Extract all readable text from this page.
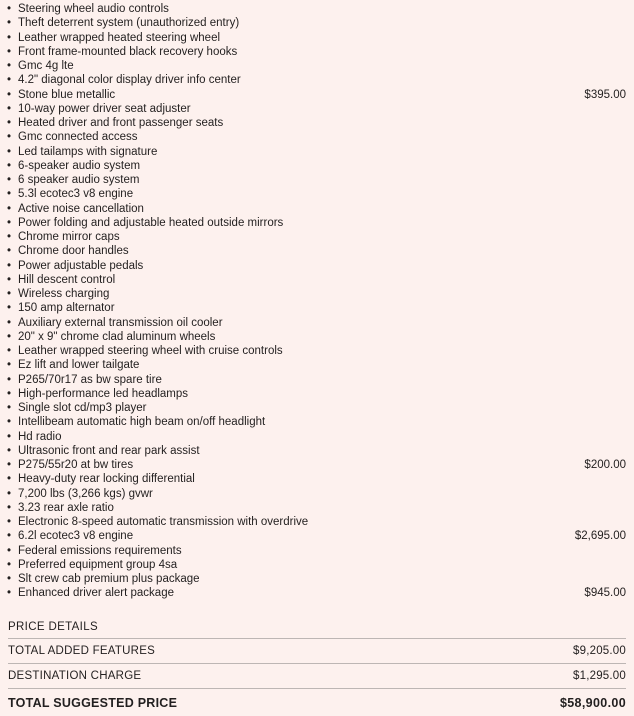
• Steering wheel audio controls
• Theft deterrent system (unauthorized entry)
• Leather wrapped heated steering wheel
• Front frame-mounted black recovery hooks
• Gmc 4g lte
• 4.2" diagonal color display driver info center
• Stone blue metallic	$395.00
• 10-way power driver seat adjuster
• Heated driver and front passenger seats
• Gmc connected access
• Led tailamps with signature
• 6-speaker audio system
• 6 speaker audio system
• 5.3l ecotec3 v8 engine
• Active noise cancellation
• Power folding and adjustable heated outside mirrors
• Chrome mirror caps
• Chrome door handles
• Power adjustable pedals
• Hill descent control
• Wireless charging
• 150 amp alternator
• Auxiliary external transmission oil cooler
• 20" x 9" chrome clad aluminum wheels
• Leather wrapped steering wheel with cruise controls
• Ez lift and lower tailgate
• P265/70r17 as bw spare tire
• High-performance led headlamps
• Single slot cd/mp3 player
• Intellibeam automatic high beam on/off headlight
• Hd radio
• Ultrasonic front and rear park assist
• P275/55r20 at bw tires	$200.00
• Heavy-duty rear locking differential
• 7,200 lbs (3,266 kgs) gvwr
• 3.23 rear axle ratio
• Electronic 8-speed automatic transmission with overdrive
• 6.2l ecotec3 v8 engine	$2,695.00
• Federal emissions requirements
• Preferred equipment group 4sa
• Slt crew cab premium plus package
• Enhanced driver alert package	$945.00
PRICE DETAILS
TOTAL ADDED FEATURES	$9,205.00
DESTINATION CHARGE	$1,295.00
TOTAL SUGGESTED PRICE	$58,900.00
